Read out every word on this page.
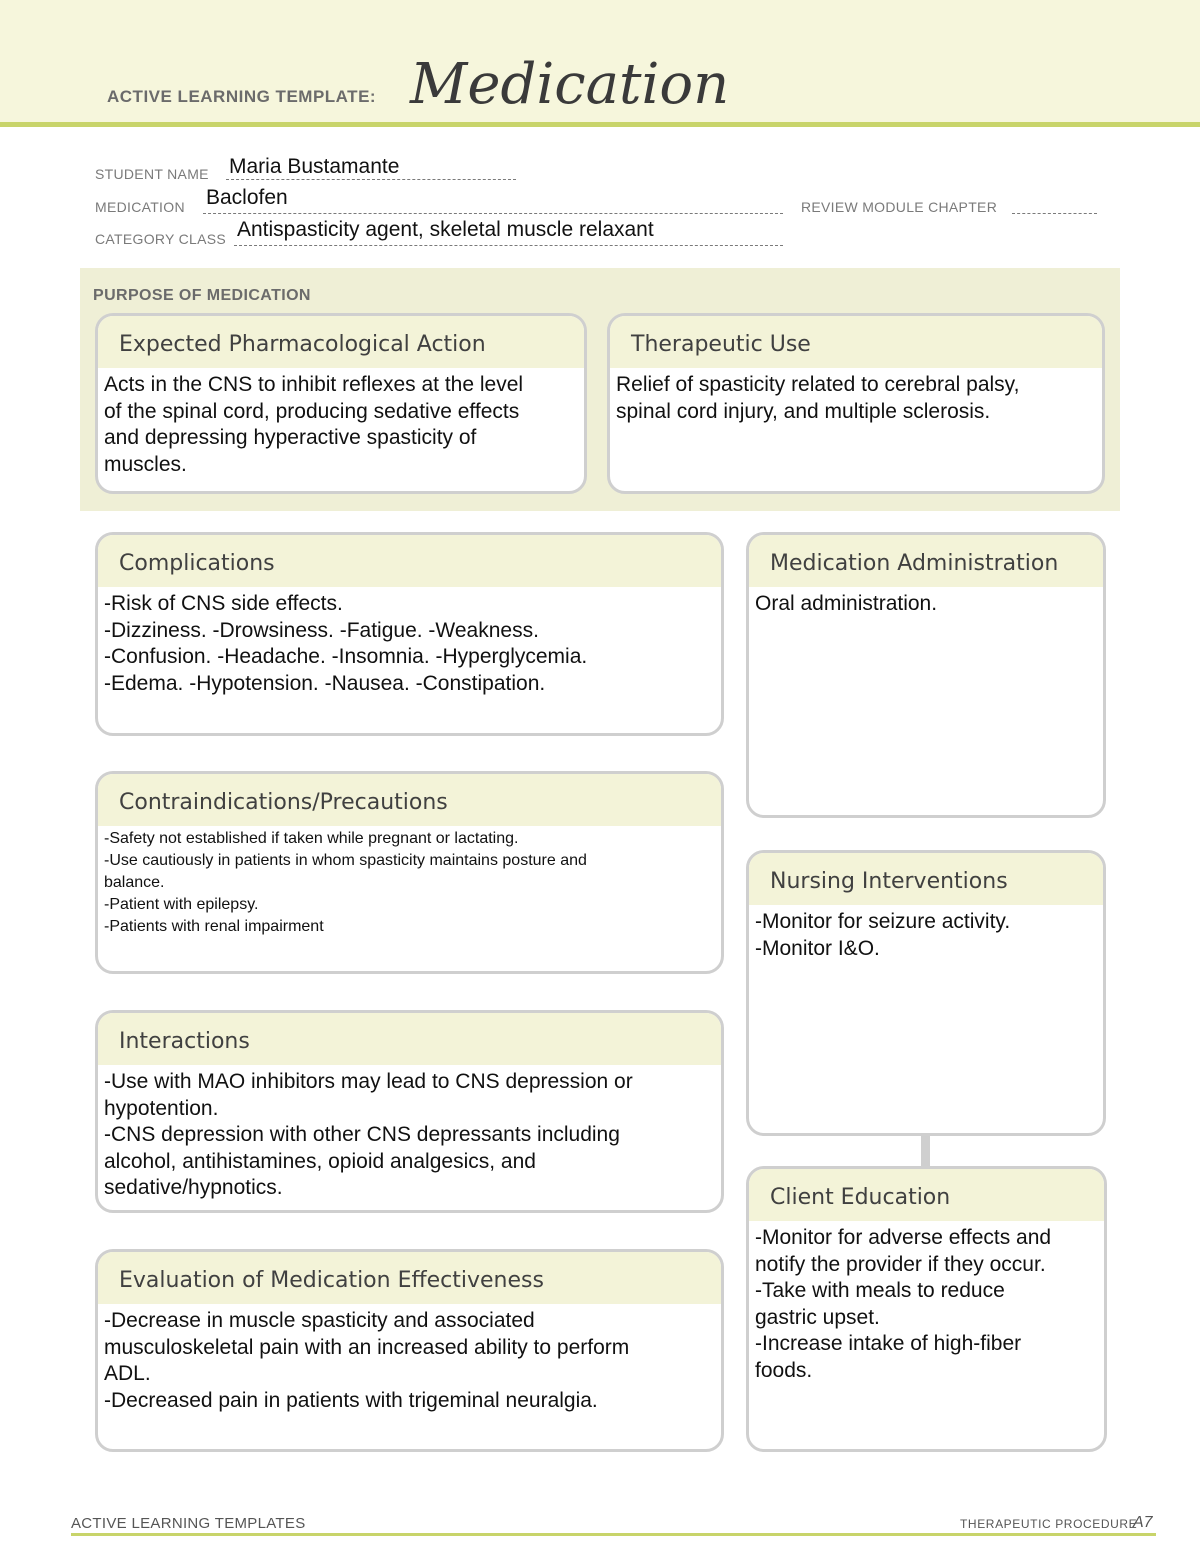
ACTIVE LEARNING TEMPLATE: Medication
STUDENT NAME Maria Bustamante
MEDICATION Baclofen	REVIEW MODULE CHAPTER
CATEGORY CLASS Antispasticity agent, skeletal muscle relaxant
PURPOSE OF MEDICATION
Expected Pharmacological Action
Acts in the CNS to inhibit reflexes at the level
of the spinal cord, producing sedative effects
and depressing hyperactive spasticity of
muscles.
Therapeutic Use
Relief of spasticity related to cerebral palsy,
spinal cord injury, and multiple sclerosis.
Complications
-Risk of CNS side effects.
-Dizziness. -Drowsiness. -Fatigue. -Weakness.
-Confusion. -Headache. -Insomnia. -Hyperglycemia.
-Edema. -Hypotension. -Nausea. -Constipation.
Contraindications/Precautions
-Safety not established if taken while pregnant or lactating.
-Use cautiously in patients in whom spasticity maintains posture and
balance.
-Patient with epilepsy.
-Patients with renal impairment
Interactions
-Use with MAO inhibitors may lead to CNS depression or
hypotention.
-CNS depression with other CNS depressants including
alcohol, antihistamines, opioid analgesics, and
sedative/hypnotics.
Evaluation of Medication Effectiveness
-Decrease in muscle spasticity and associated
musculoskeletal pain with an increased ability to perform
ADL.
-Decreased pain in patients with trigeminal neuralgia.
Medication Administration
Oral administration.
Nursing Interventions
-Monitor for seizure activity.
-Monitor I&O.
Client Education
-Monitor for adverse effects and
notify the provider if they occur.
-Take with meals to reduce
gastric upset.
-Increase intake of high-fiber
foods.
ACTIVE LEARNING TEMPLATES	THERAPEUTIC PROCEDURE
A7
